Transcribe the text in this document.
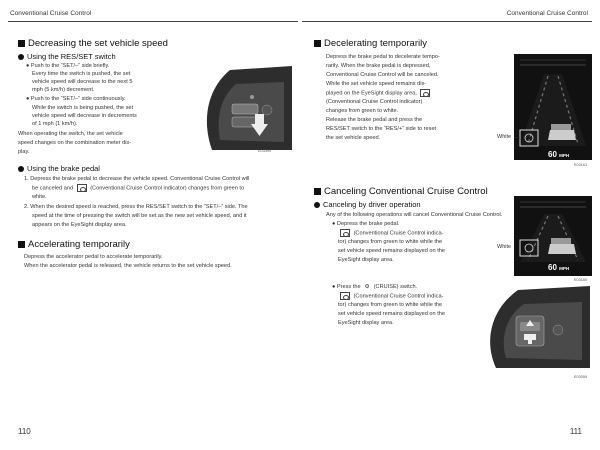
Conventional Cruise Control	Conventional Cruise Control
Decreasing the set vehicle speed
Using the RES/SET switch
● Push to the “SET/–” side briefly.
Every time the switch is pushed, the set
vehicle speed will decrease to the next 5
mph (5 km/h) decrement.
● Push to the “SET/–” side continuously.
While the switch is being pushed, the set
vehicle speed will decrease in decrements
of 1 mph (1 km/h).
When operating the switch, the set vehicle
speed changes on the combination meter dis-
play.	E03399
Using the brake pedal
1. Depress the brake pedal to decrease the vehicle speed. Conventional Cruise Control will
be canceled and	(Conventional Cruise Control indicator) changes from green to
white.
2. When the desired speed is reached, press the RES/SET switch to the “SET/–” side. The
speed at the time of pressing the switch will be set as the new set vehicle speed, and it
appears on the EyeSight display area.
Accelerating temporarily
Depress the accelerator pedal to accelerate temporarily.
When the accelerator pedal is released, the vehicle returns to the set vehicle speed.
110
Decelerating temporarily
Depress the brake pedal to decelerate tempo-
rarily. When the brake pedal is depressed,
Conventional Cruise Control will be canceled.
While the set vehicle speed remains dis-
played on the EyeSight display area,
(Conventional Cruise Control indicator)
changes from green to white.
Release the brake pedal and press the
RES/SET switch to the “RES/+” side to reset
the set vehicle speed.	White
60 MPH
E03161
Canceling Conventional Cruise Control
Canceling by driver operation
Any of the following operations will cancel Conventional Cruise Control.
● Depress the brake pedal.
(Conventional Cruise Control indica-
tor) changes from green to white while the
set vehicle speed remains displayed on the
EyeSight display area.
White
60 MPH
E03160
● Press the ⚙ (CRUISE) switch.
(Conventional Cruise Control indica-
tor) changes from green to white while the
set vehicle speed remains displayed on the
EyeSight display area.
E03059
111
